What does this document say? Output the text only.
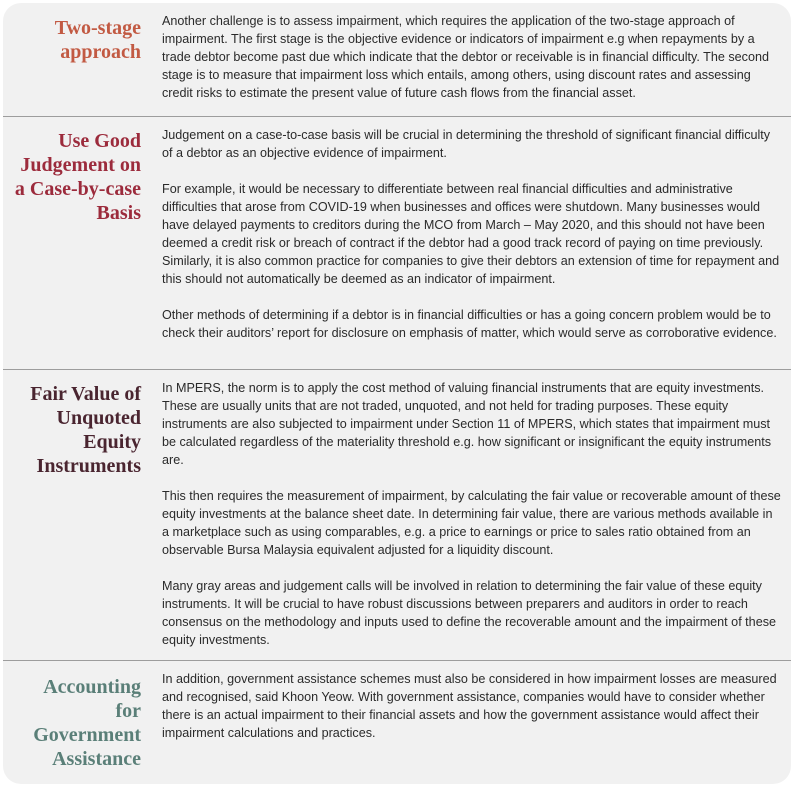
Two-stage approach

Another challenge is to assess impairment, which requires the application of the two-stage approach of impairment. The first stage is the objective evidence or indicators of impairment e.g when repayments by a trade debtor become past due which indicate that the debtor or receivable is in financial difficulty. The second stage is to measure that impairment loss which entails, among others, using discount rates and assessing credit risks to estimate the present value of future cash flows from the financial asset.

Use Good Judgement on a Case-by-case Basis

Judgement on a case-to-case basis will be crucial in determining the threshold of significant financial difficulty of a debtor as an objective evidence of impairment.

For example, it would be necessary to differentiate between real financial difficulties and administrative difficulties that arose from COVID-19 when businesses and offices were shutdown. Many businesses would have delayed payments to creditors during the MCO from March – May 2020, and this should not have been deemed a credit risk or breach of contract if the debtor had a good track record of paying on time previously. Similarly, it is also common practice for companies to give their debtors an extension of time for repayment and this should not automatically be deemed as an indicator of impairment.

Other methods of determining if a debtor is in financial difficulties or has a going concern problem would be to check their auditors’ report for disclosure on emphasis of matter, which would serve as corroborative evidence.

Fair Value of Unquoted Equity Instruments

In MPERS, the norm is to apply the cost method of valuing financial instruments that are equity investments. These are usually units that are not traded, unquoted, and not held for trading purposes. These equity instruments are also subjected to impairment under Section 11 of MPERS, which states that impairment must be calculated regardless of the materiality threshold e.g. how significant or insignificant the equity instruments are.

This then requires the measurement of impairment, by calculating the fair value or recoverable amount of these equity investments at the balance sheet date. In determining fair value, there are various methods available in a marketplace such as using comparables, e.g. a price to earnings or price to sales ratio obtained from an observable Bursa Malaysia equivalent adjusted for a liquidity discount.

Many gray areas and judgement calls will be involved in relation to determining the fair value of these equity instruments. It will be crucial to have robust discussions between preparers and auditors in order to reach consensus on the methodology and inputs used to define the recoverable amount and the impairment of these equity investments.

Accounting for Government Assistance

In addition, government assistance schemes must also be considered in how impairment losses are measured and recognised, said Khoon Yeow. With government assistance, companies would have to consider whether there is an actual impairment to their financial assets and how the government assistance would affect their impairment calculations and practices.
